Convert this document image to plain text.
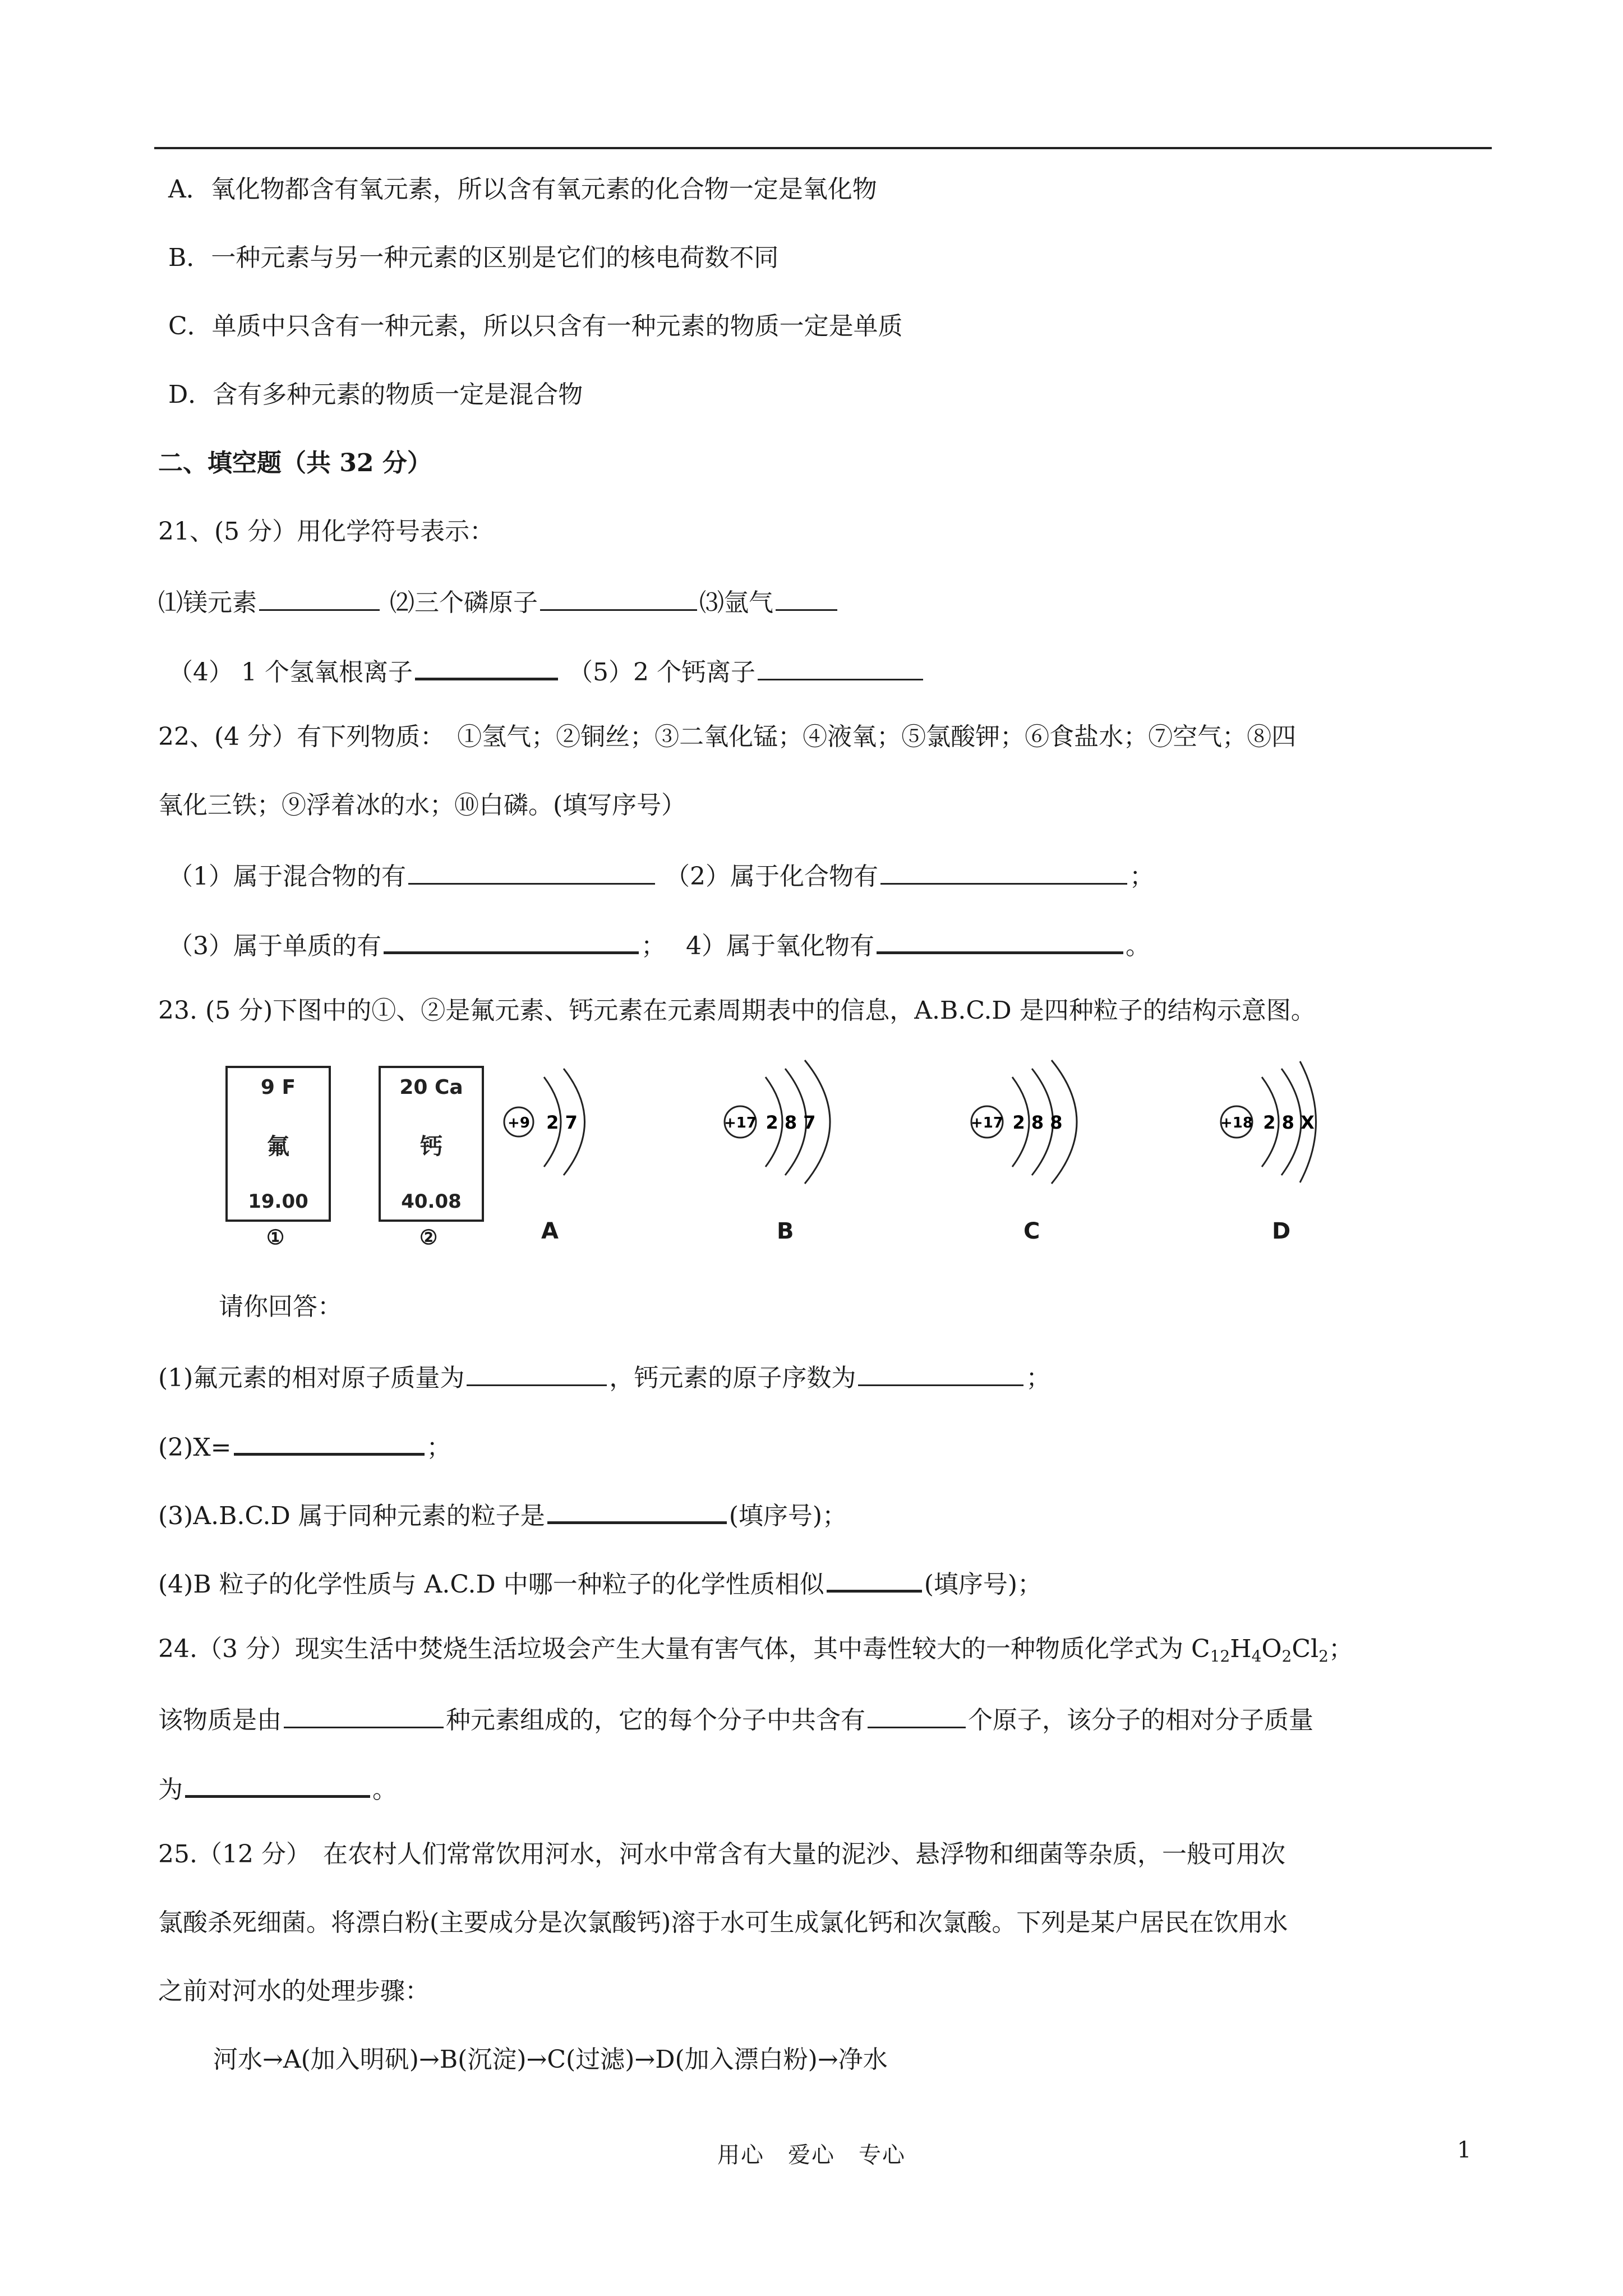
A．氧化物都含有氧元素，所以含有氧元素的化合物一定是氧化物
B．一种元素与另一种元素的区别是它们的核电荷数不同
C．单质中只含有一种元素，所以只含有一种元素的物质一定是单质
D．含有多种元素的物质一定是混合物
二、填空题（共 32 分）
21、(5 分）用化学符号表示：
⑴镁元素	⑵三个磷原子	⑶氩气
（4） 1 个氢氧根离子	（5）2 个钙离子
22、(4 分）有下列物质：　①氢气；②铜丝；③二氧化锰；④液氧；⑤氯酸钾；⑥食盐水；⑦空气；⑧四
氧化三铁；⑨浮着冰的水；⑩白磷。(填写序号）
（1）属于混合物的有	（2）属于化合物有	；
（3）属于单质的有	；　 4）属于氧化物有	。
23. (5 分)下图中的①、②是氟元素、钙元素在元素周期表中的信息，A.B.C.D 是四种粒子的结构示意图。
9 F
氟
19.00
①
20 Ca
钙
40.08
②
+9 2 7	+17 2 8 7	+17 2 8 8	+18 2 8 X
A	B	C	D
请你回答：
(1)氟元素的相对原子质量为	，钙元素的原子序数为	；
(2)X=	；
(3)A.B.C.D 属于同种元素的粒子是	(填序号)；
(4)B 粒子的化学性质与 A.C.D 中哪一种粒子的化学性质相似	(填序号)；
24.（3 分）现实生活中焚烧生活垃圾会产生大量有害气体，其中毒性较大的一种物质化学式为 $C_{12}H_4O_2Cl_2$；
该物质是由	种元素组成的，它的每个分子中共含有	个原子，该分子的相对分子质量
为	。
25.（12 分）　在农村人们常常饮用河水，河水中常含有大量的泥沙、悬浮物和细菌等杂质，一般可用次
氯酸杀死细菌。将漂白粉(主要成分是次氯酸钙)溶于水可生成氯化钙和次氯酸。下列是某户居民在饮用水
之前对河水的处理步骤：
河水→A(加入明矾)→B(沉淀)→C(过滤)→D(加入漂白粉)→净水
用心　爱心　专心	1
